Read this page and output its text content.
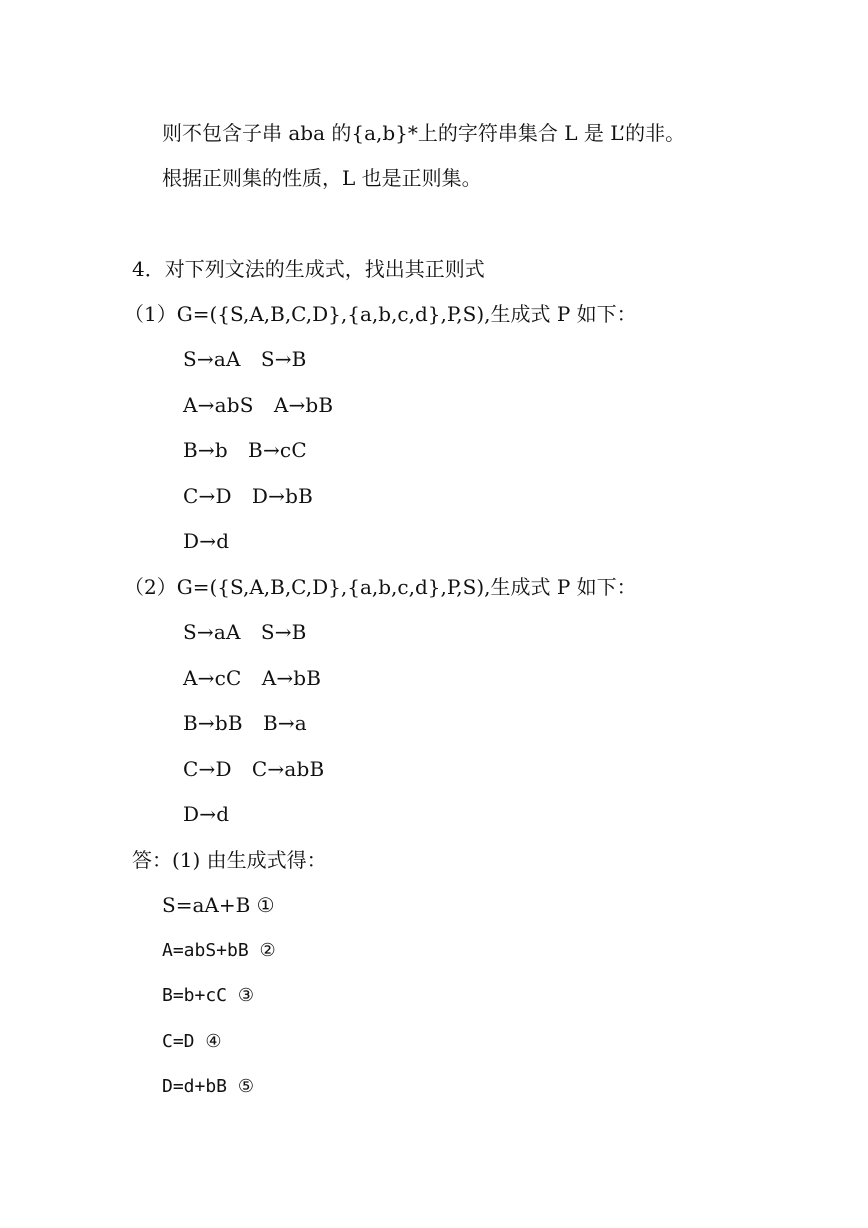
则不包含子串 aba 的{a,b}*上的字符串集合 L 是 L’的非。
根据正则集的性质，L 也是正则集。
4．对下列文法的生成式，找出其正则式
（1）G=({S,A,B,C,D},{a,b,c,d},P,S),生成式 P 如下：
S→aA　S→B
A→abS　A→bB
B→b　B→cC
C→D　D→bB
D→d
（2）G=({S,A,B,C,D},{a,b,c,d},P,S),生成式 P 如下：
S→aA　S→B
A→cC　A→bB
B→bB　B→a
C→D　C→abB
D→d
答：(1) 由生成式得：
S=aA+B ①
A=abS+bB ②
B=b+cC ③
C=D ④
D=d+bB ⑤
